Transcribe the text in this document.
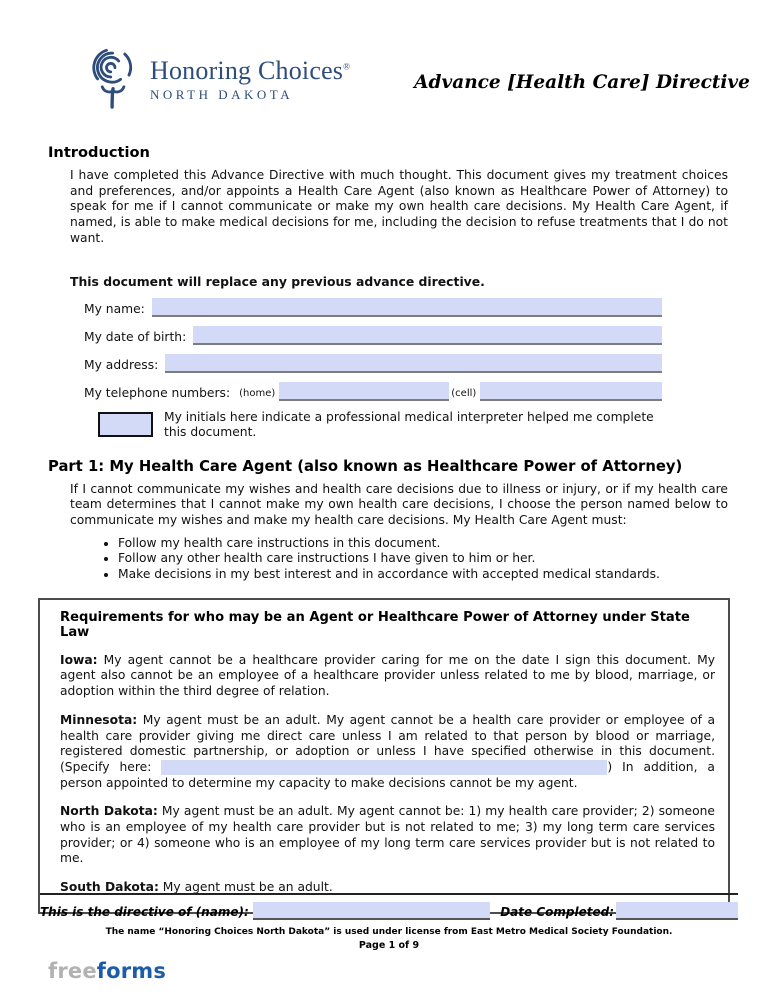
Honoring Choices®
NORTH DAKOTA
Advance [Health Care] Directive
Introduction

I have completed this Advance Directive with much thought. This document gives my treatment choices and preferences, and/or appoints a Health Care Agent (also known as Healthcare Power of Attorney) to speak for me if I cannot communicate or make my own health care decisions. My Health Care Agent, if named, is able to make medical decisions for me, including the decision to refuse treatments that I do not want.

This document will replace any previous advance directive.

My name:
My date of birth:
My address:
My telephone numbers: (home)	(cell)
My initials here indicate a professional medical interpreter helped me complete this document.
Part 1: My Health Care Agent (also known as Healthcare Power of Attorney)

If I cannot communicate my wishes and health care decisions due to illness or injury, or if my health care team determines that I cannot make my own health care decisions, I choose the person named below to communicate my wishes and make my health care decisions. My Health Care Agent must:

• Follow my health care instructions in this document.
• Follow any other health care instructions I have given to him or her.
• Make decisions in my best interest and in accordance with accepted medical standards.
Requirements for who may be an Agent or Healthcare Power of Attorney under State Law

Iowa: My agent cannot be a healthcare provider caring for me on the date I sign this document. My agent also cannot be an employee of a healthcare provider unless related to me by blood, marriage, or adoption within the third degree of relation.

Minnesota: My agent must be an adult. My agent cannot be a health care provider or employee of a health care provider giving me direct care unless I am related to that person by blood or marriage, registered domestic partnership, or adoption or unless I have specified otherwise in this document. (Specify here:	) In addition, a person appointed to determine my capacity to make decisions cannot be my agent.

North Dakota: My agent must be an adult. My agent cannot be: 1) my health care provider; 2) someone who is an employee of my health care provider but is not related to me; 3) my long term care services provider; or 4) someone who is an employee of my long term care services provider but is not related to me.

South Dakota: My agent must be an adult.

This is the directive of (name):	Date Completed:
The name “Honoring Choices North Dakota” is used under license from East Metro Medical Society Foundation.
Page 1 of 9
freeforms
